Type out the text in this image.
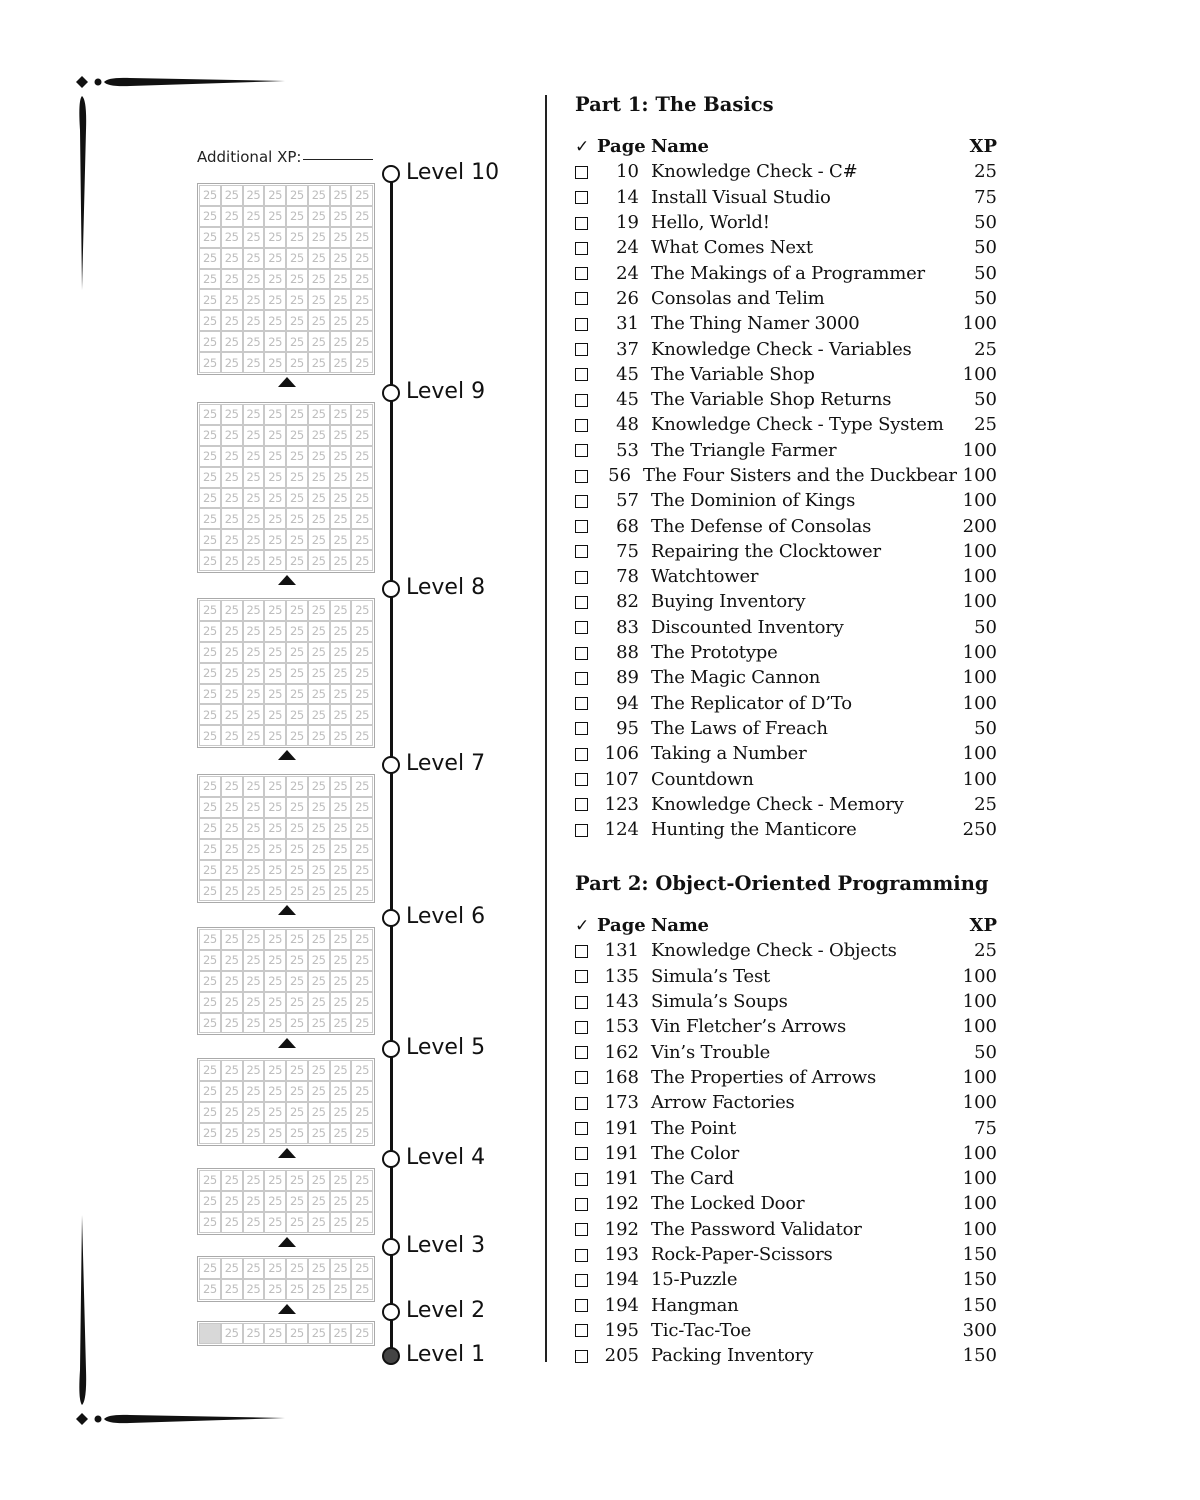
Additional XP:
Level 10
Level 9
25 25 25 25 25 25 25 25
25 25 25 25 25 25 25 25
25 25 25 25 25 25 25 25
25 25 25 25 25 25 25 25
25 25 25 25 25 25 25 25
25 25 25 25 25 25 25 25
25 25 25 25 25 25 25 25
25 25 25 25 25 25 25 25
25 25 25 25 25 25 25 25
Level 8
25 25 25 25 25 25 25 25
25 25 25 25 25 25 25 25
25 25 25 25 25 25 25 25
25 25 25 25 25 25 25 25
25 25 25 25 25 25 25 25
25 25 25 25 25 25 25 25
25 25 25 25 25 25 25 25
25 25 25 25 25 25 25 25
Level 7
25 25 25 25 25 25 25 25
25 25 25 25 25 25 25 25
25 25 25 25 25 25 25 25
25 25 25 25 25 25 25 25
25 25 25 25 25 25 25 25
25 25 25 25 25 25 25 25
25 25 25 25 25 25 25 25
Level 6
25 25 25 25 25 25 25 25
25 25 25 25 25 25 25 25
25 25 25 25 25 25 25 25
25 25 25 25 25 25 25 25
25 25 25 25 25 25 25 25
25 25 25 25 25 25 25 25
Level 5
25 25 25 25 25 25 25 25
25 25 25 25 25 25 25 25
25 25 25 25 25 25 25 25
25 25 25 25 25 25 25 25
25 25 25 25 25 25 25 25
Level 4
25 25 25 25 25 25 25 25
25 25 25 25 25 25 25 25
25 25 25 25 25 25 25 25
25 25 25 25 25 25 25 25
Level 3
25 25 25 25 25 25 25 25
25 25 25 25 25 25 25 25
25 25 25 25 25 25 25 25
Level 2
25 25 25 25 25 25 25 25
25 25 25 25 25 25 25 25
Level 1
25 25 25 25 25 25 25
Part 1: The Basics
✓ Page Name	XP
10 Knowledge Check - C#	25
14 Install Visual Studio	75
19 Hello, World!	50
24 What Comes Next	50
24 The Makings of a Programmer	50
26 Consolas and Telim	50
31 The Thing Namer 3000	100
37 Knowledge Check - Variables	25
45 The Variable Shop	100
45 The Variable Shop Returns	50
48 Knowledge Check - Type System	25
53 The Triangle Farmer	100
56 The Four Sisters and the Duckbear 100
57 The Dominion of Kings	100
68 The Defense of Consolas	200
75 Repairing the Clocktower	100
78 Watchtower	100
82 Buying Inventory	100
83 Discounted Inventory	50
88 The Prototype	100
89 The Magic Cannon	100
94 The Replicator of D’To	100
95 The Laws of Freach	50
106 Taking a Number	100
107 Countdown	100
123 Knowledge Check - Memory	25
124 Hunting the Manticore	250
Part 2: Object-Oriented Programming
✓ Page Name	XP
131 Knowledge Check - Objects	25
135 Simula’s Test	100
143 Simula’s Soups	100
153 Vin Fletcher’s Arrows	100
162 Vin’s Trouble	50
168 The Properties of Arrows	100
173 Arrow Factories	100
191 The Point	75
191 The Color	100
191 The Card	100
192 The Locked Door	100
192 The Password Validator	100
193 Rock-Paper-Scissors	150
194 15-Puzzle	150
194 Hangman	150
195 Tic-Tac-Toe	300
205 Packing Inventory	150
